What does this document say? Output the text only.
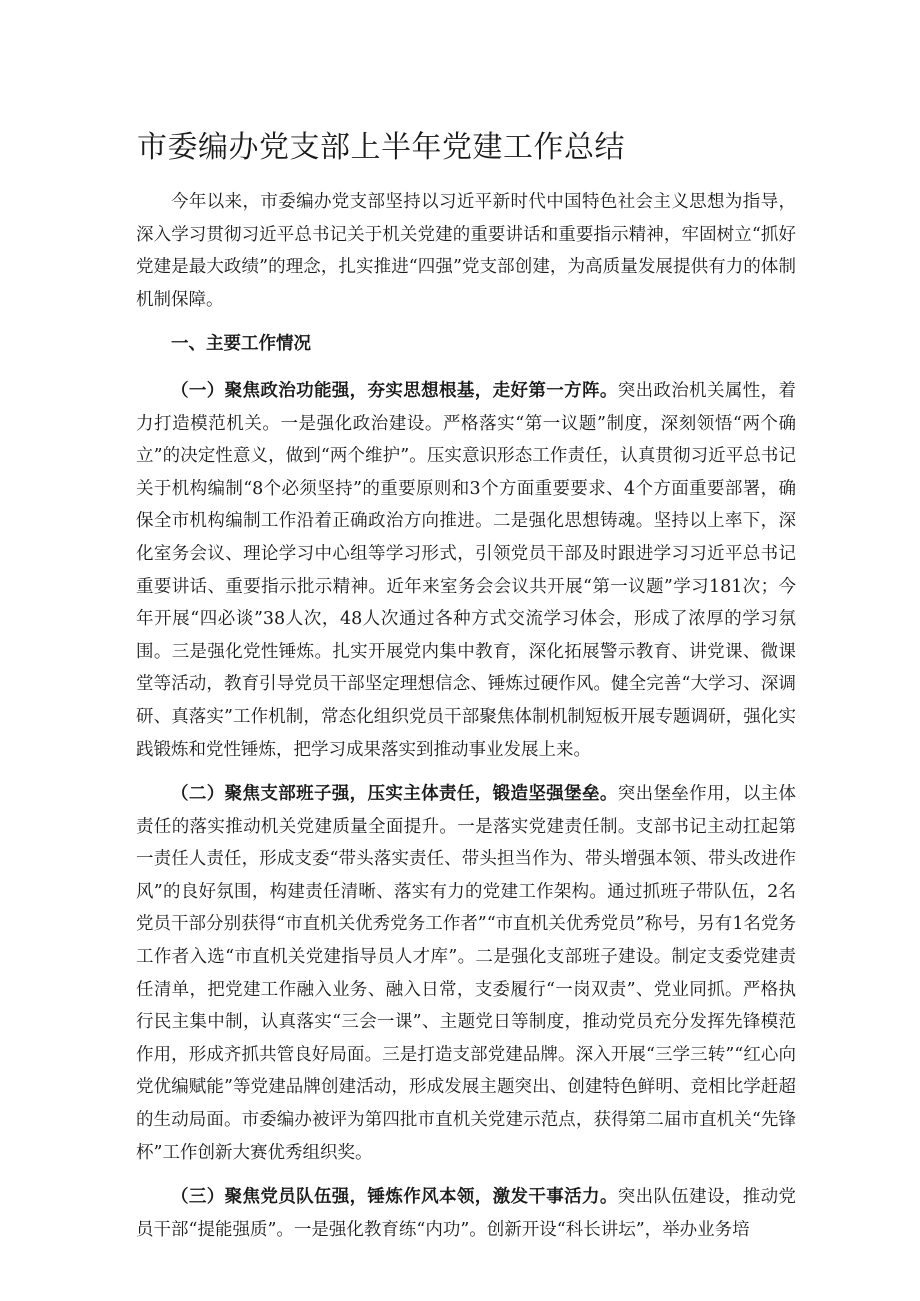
市委编办党支部上半年党建工作总结

今年以来，市委编办党支部坚持以习近平新时代中国特色社会主义思想为指导，深入学习贯彻习近平总书记关于机关党建的重要讲话和重要指示精神，牢固树立“抓好党建是最大政绩”的理念，扎实推进“四强”党支部创建，为高质量发展提供有力的体制机制保障。

一、主要工作情况

（一）聚焦政治功能强，夯实思想根基，走好第一方阵。突出政治机关属性，着力打造模范机关。一是强化政治建设。严格落实“第一议题”制度，深刻领悟“两个确立”的决定性意义，做到“两个维护”。压实意识形态工作责任，认真贯彻习近平总书记关于机构编制“8个必须坚持”的重要原则和3个方面重要要求、4个方面重要部署，确保全市机构编制工作沿着正确政治方向推进。二是强化思想铸魂。坚持以上率下，深化室务会议、理论学习中心组等学习形式，引领党员干部及时跟进学习习近平总书记重要讲话、重要指示批示精神。近年来室务会会议共开展“第一议题”学习181次；今年开展“四必谈”38人次，48人次通过各种方式交流学习体会，形成了浓厚的学习氛围。三是强化党性锤炼。扎实开展党内集中教育，深化拓展警示教育、讲党课、微课堂等活动，教育引导党员干部坚定理想信念、锤炼过硬作风。健全完善“大学习、深调研、真落实”工作机制，常态化组织党员干部聚焦体制机制短板开展专题调研，强化实践锻炼和党性锤炼，把学习成果落实到推动事业发展上来。

（二）聚焦支部班子强，压实主体责任，锻造坚强堡垒。突出堡垒作用，以主体责任的落实推动机关党建质量全面提升。一是落实党建责任制。支部书记主动扛起第一责任人责任，形成支委“带头落实责任、带头担当作为、带头增强本领、带头改进作风”的良好氛围，构建责任清晰、落实有力的党建工作架构。通过抓班子带队伍，2名党员干部分别获得“市直机关优秀党务工作者”“市直机关优秀党员”称号，另有1名党务工作者入选“市直机关党建指导员人才库”。二是强化支部班子建设。制定支委党建责任清单，把党建工作融入业务、融入日常，支委履行“一岗双责”、党业同抓。严格执行民主集中制，认真落实“三会一课”、主题党日等制度，推动党员充分发挥先锋模范作用，形成齐抓共管良好局面。三是打造支部党建品牌。深入开展“三学三转”“红心向党优编赋能”等党建品牌创建活动，形成发展主题突出、创建特色鲜明、竞相比学赶超的生动局面。市委编办被评为第四批市直机关党建示范点，获得第二届市直机关“先锋杯”工作创新大赛优秀组织奖。

（三）聚焦党员队伍强，锤炼作风本领，激发干事活力。突出队伍建设，推动党员干部“提能强质”。一是强化教育练“内功”。创新开设“科长讲坛”，举办业务培
